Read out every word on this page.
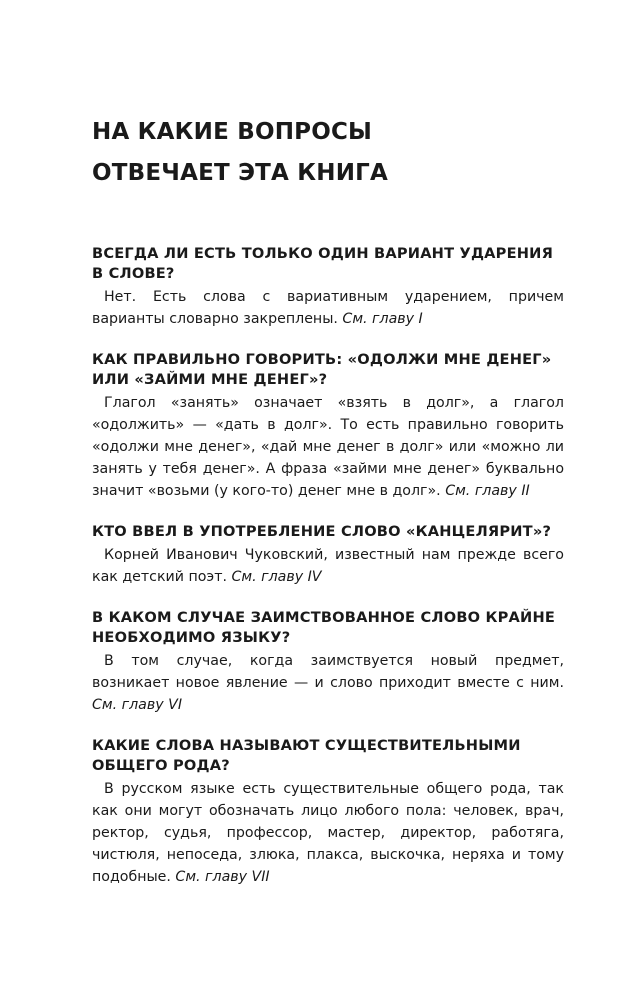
НА КАКИЕ ВОПРОСЫ
ОТВЕЧАЕТ ЭТА КНИГА

ВСЕГДА ЛИ ЕСТЬ ТОЛЬКО ОДИН ВАРИАНТ УДАРЕНИЯ В СЛОВЕ?

Нет. Есть слова с вариативным ударением, причем варианты словарно закреплены. См. главу I

КАК ПРАВИЛЬНО ГОВОРИТЬ: «ОДОЛЖИ МНЕ ДЕНЕГ» ИЛИ «ЗАЙМИ МНЕ ДЕНЕГ»?

Глагол «занять» означает «взять в долг», а глагол «одолжить» — «дать в долг». То есть правильно говорить «одолжи мне денег», «дай мне денег в долг» или «можно ли занять у тебя денег». А фраза «займи мне денег» буквально значит «возьми (у кого-то) денег мне в долг». См. главу II

КТО ВВЕЛ В УПОТРЕБЛЕНИЕ СЛОВО «КАНЦЕЛЯРИТ»?

Корней Иванович Чуковский, известный нам прежде всего как детский поэт. См. главу IV

В КАКОМ СЛУЧАЕ ЗАИМСТВОВАННОЕ СЛОВО КРАЙНЕ НЕОБХОДИМО ЯЗЫКУ?

В том случае, когда заимствуется новый предмет, возникает новое явление — и слово приходит вместе с ним. См. главу VI

КАКИЕ СЛОВА НАЗЫВАЮТ СУЩЕСТВИТЕЛЬНЫМИ ОБЩЕГО РОДА?

В русском языке есть существительные общего рода, так как они могут обозначать лицо любого пола: человек, врач, ректор, судья, профессор, мастер, директор, работяга, чистюля, непоседа, злюка, плакса, выскочка, неряха и тому подобные. См. главу VII
